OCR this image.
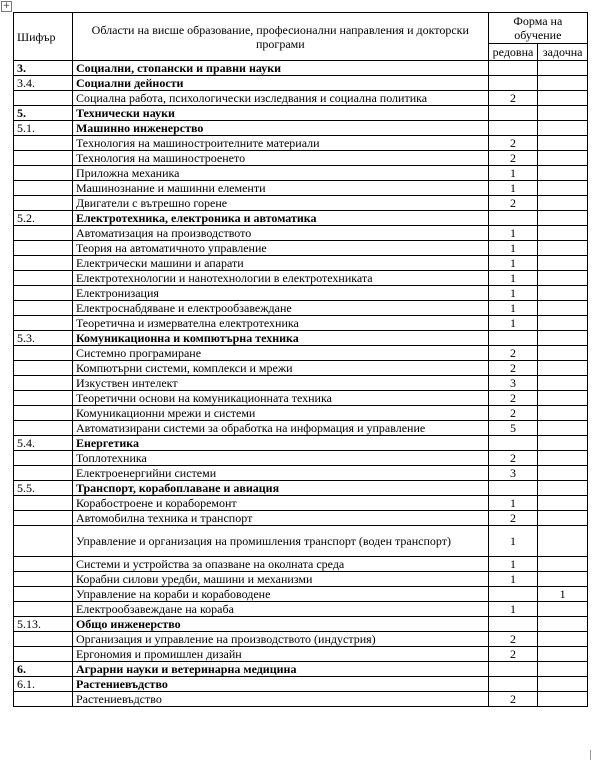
+
Шифър	Области на висше образование, професионални направления и докторски програми	Форма на обучение	
		редовна	задочна
3.	Социални, стопански и правни науки		
3.4.	Социални дейности		
	Социална работа, психологически изследвания и социална политика	2	
5.	Технически науки		
5.1.	Машинно инженерство		
	Технология на машиностроителните материали	2	
	Технология на машиностроенето	2	
	Приложна механика	1	
	Машинознание и машинни елементи	1	
	Двигатели с вътрешно горене	2	
5.2.	Електротехника, електроника и автоматика		
	Автоматизация на производството	1	
	Теория на автоматичното управление	1	
	Електрически машини и апарати	1	
	Електротехнологии и нанотехнологии в електротехниката	1	
	Електронизация	1	
	Електроснабдяване и електрообзавеждане	1	
	Теоретична и измервателна електротехника	1	
5.3.	Комуникационна и компютърна техника		
	Системно програмиране	2	
	Компютърни системи, комплекси и мрежи	2	
	Изкуствен интелект	3	
	Теоретични основи на комуникационната техника	2	
	Комуникационни мрежи и системи	2	
	Автоматизирани системи за обработка на информация и управление	5	
5.4.	Енергетика		
	Топлотехника	2	
	Електроенергийни системи	3	
5.5.	Транспорт, корабоплаване и авиация		
	Корабостроене и кораборемонт	1	
	Автомобилна техника и транспорт	2	
	Управление и организация на промишления транспорт (воден транспорт)	1	
	Системи и устройства за опазване на околната среда	1	
	Корабни силови уредби, машини и механизми	1	
	Управление на кораби и корабоводене		1
	Електрообзавеждане на кораба	1	
5.13.	Общо инженерство		
	Организация и управление на производството (индустрия)	2	
	Ергономия и промишлен дизайн	2	
6.	Аграрни науки и ветеринарна медицина		
6.1.	Растениевъдство		
	Растениевъдство	2	
